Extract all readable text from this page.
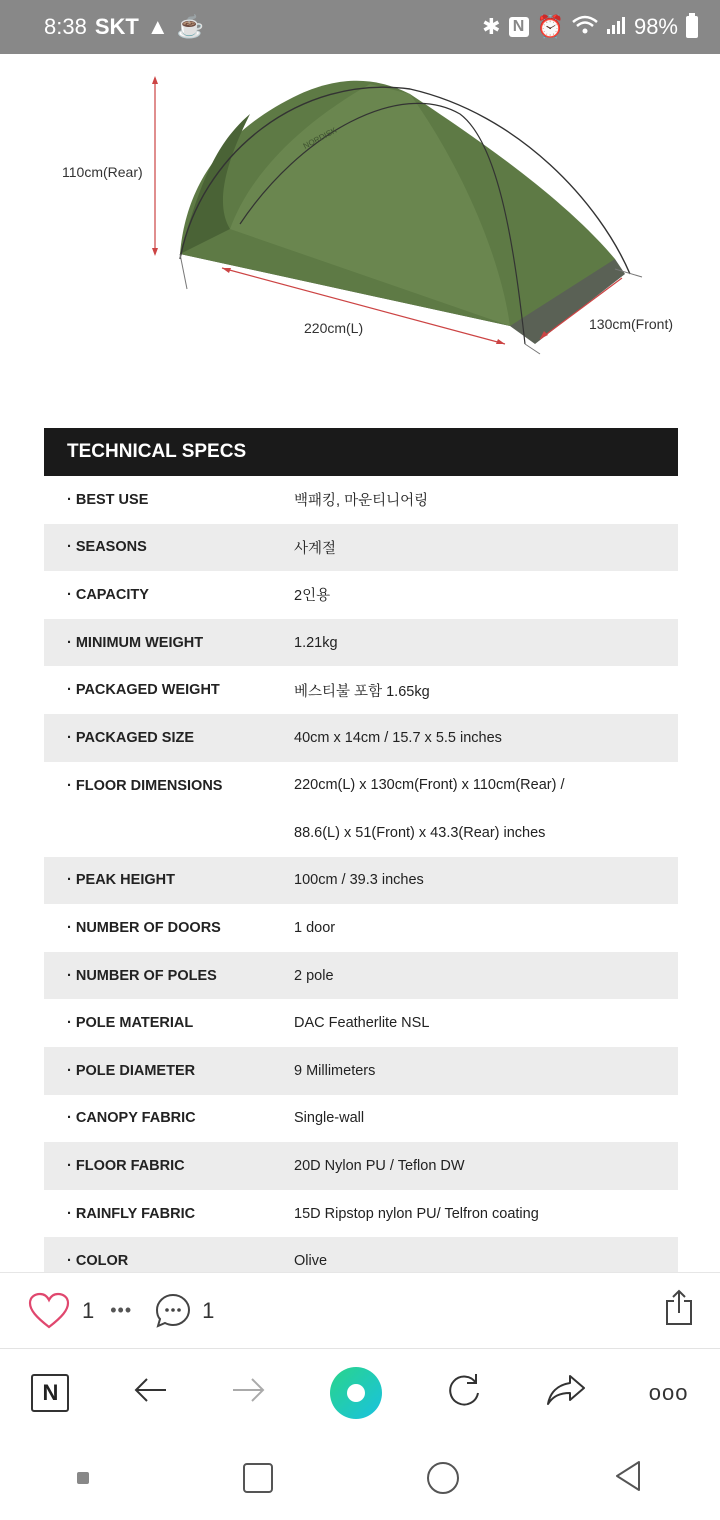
8:38 SKT ▲ ☕	✱ N ⏰	98%
NORDISK
110cm(Rear)
220cm(L)	130cm(Front)
TECHNICAL SPECS
· BEST USE	백패킹, 마운티니어링
· SEASONS	사계절
· CAPACITY	2인용
· MINIMUM WEIGHT	1.21kg
· PACKAGED WEIGHT	베스티불 포함 1.65kg
· PACKAGED SIZE	40cm x 14cm / 15.7 x 5.5 inches
· FLOOR DIMENSIONS	220cm(L) x 130cm(Front) x 110cm(Rear) /
88.6(L) x 51(Front) x 43.3(Rear) inches
· PEAK HEIGHT	100cm / 39.3 inches
· NUMBER OF DOORS	1 door
· NUMBER OF POLES	2 pole
· POLE MATERIAL	DAC Featherlite NSL
· POLE DIAMETER	9 Millimeters
· CANOPY FABRIC	Single-wall
· FLOOR FABRIC	20D Nylon PU / Teflon DW
· RAINFLY FABRIC	15D Ripstop nylon PU/ Telfron coating
· COLOR	Olive
1 •••	1
N	ooo
